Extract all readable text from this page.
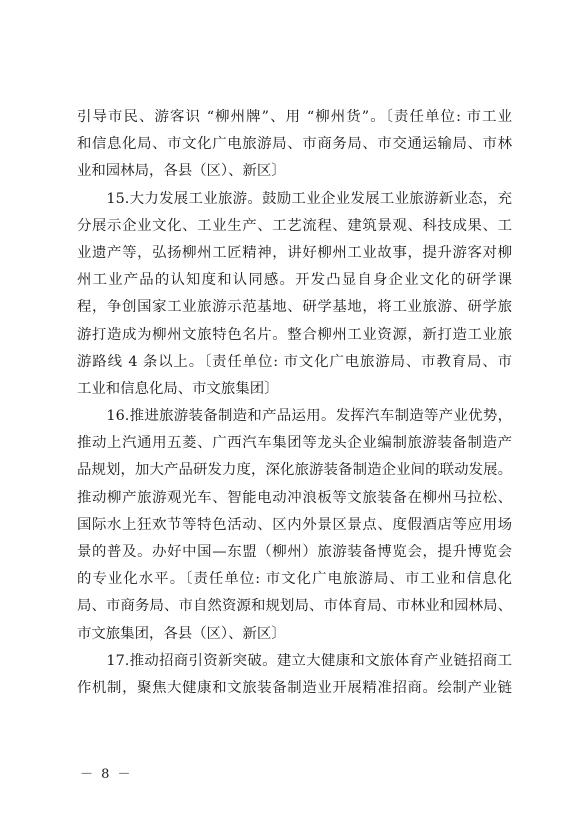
引导市民、游客识 “柳州牌”、用 “柳州货”。〔责任单位: 市工业
和信息化局、市文化广电旅游局、市商务局、市交通运输局、市林
业和园林局，各县（区）、新区〕
　　15.大力发展工业旅游。鼓励工业企业发展工业旅游新业态，充
分展示企业文化、工业生产、工艺流程、建筑景观、科技成果、工
业遗产等，弘扬柳州工匠精神，讲好柳州工业故事，提升游客对柳
州工业产品的认知度和认同感。开发凸显自身企业文化的研学课
程，争创国家工业旅游示范基地、研学基地，将工业旅游、研学旅
游打造成为柳州文旅特色名片。整合柳州工业资源，新打造工业旅
游路线 4 条以上。〔责任单位: 市文化广电旅游局、市教育局、市
工业和信息化局、市文旅集团〕
　　16.推进旅游装备制造和产品运用。发挥汽车制造等产业优势，
推动上汽通用五菱、广西汽车集团等龙头企业编制旅游装备制造产
品规划，加大产品研发力度，深化旅游装备制造企业间的联动发展。
推动柳产旅游观光车、智能电动冲浪板等文旅装备在柳州马拉松、
国际水上狂欢节等特色活动、区内外景区景点、度假酒店等应用场
景的普及。办好中国—东盟（柳州）旅游装备博览会，提升博览会
的专业化水平。〔责任单位: 市文化广电旅游局、市工业和信息化
局、市商务局、市自然资源和规划局、市体育局、市林业和园林局、
市文旅集团，各县（区）、新区〕
　　17.推动招商引资新突破。建立大健康和文旅体育产业链招商工
作机制，聚焦大健康和文旅装备制造业开展精准招商。绘制产业链
－ 8 －
